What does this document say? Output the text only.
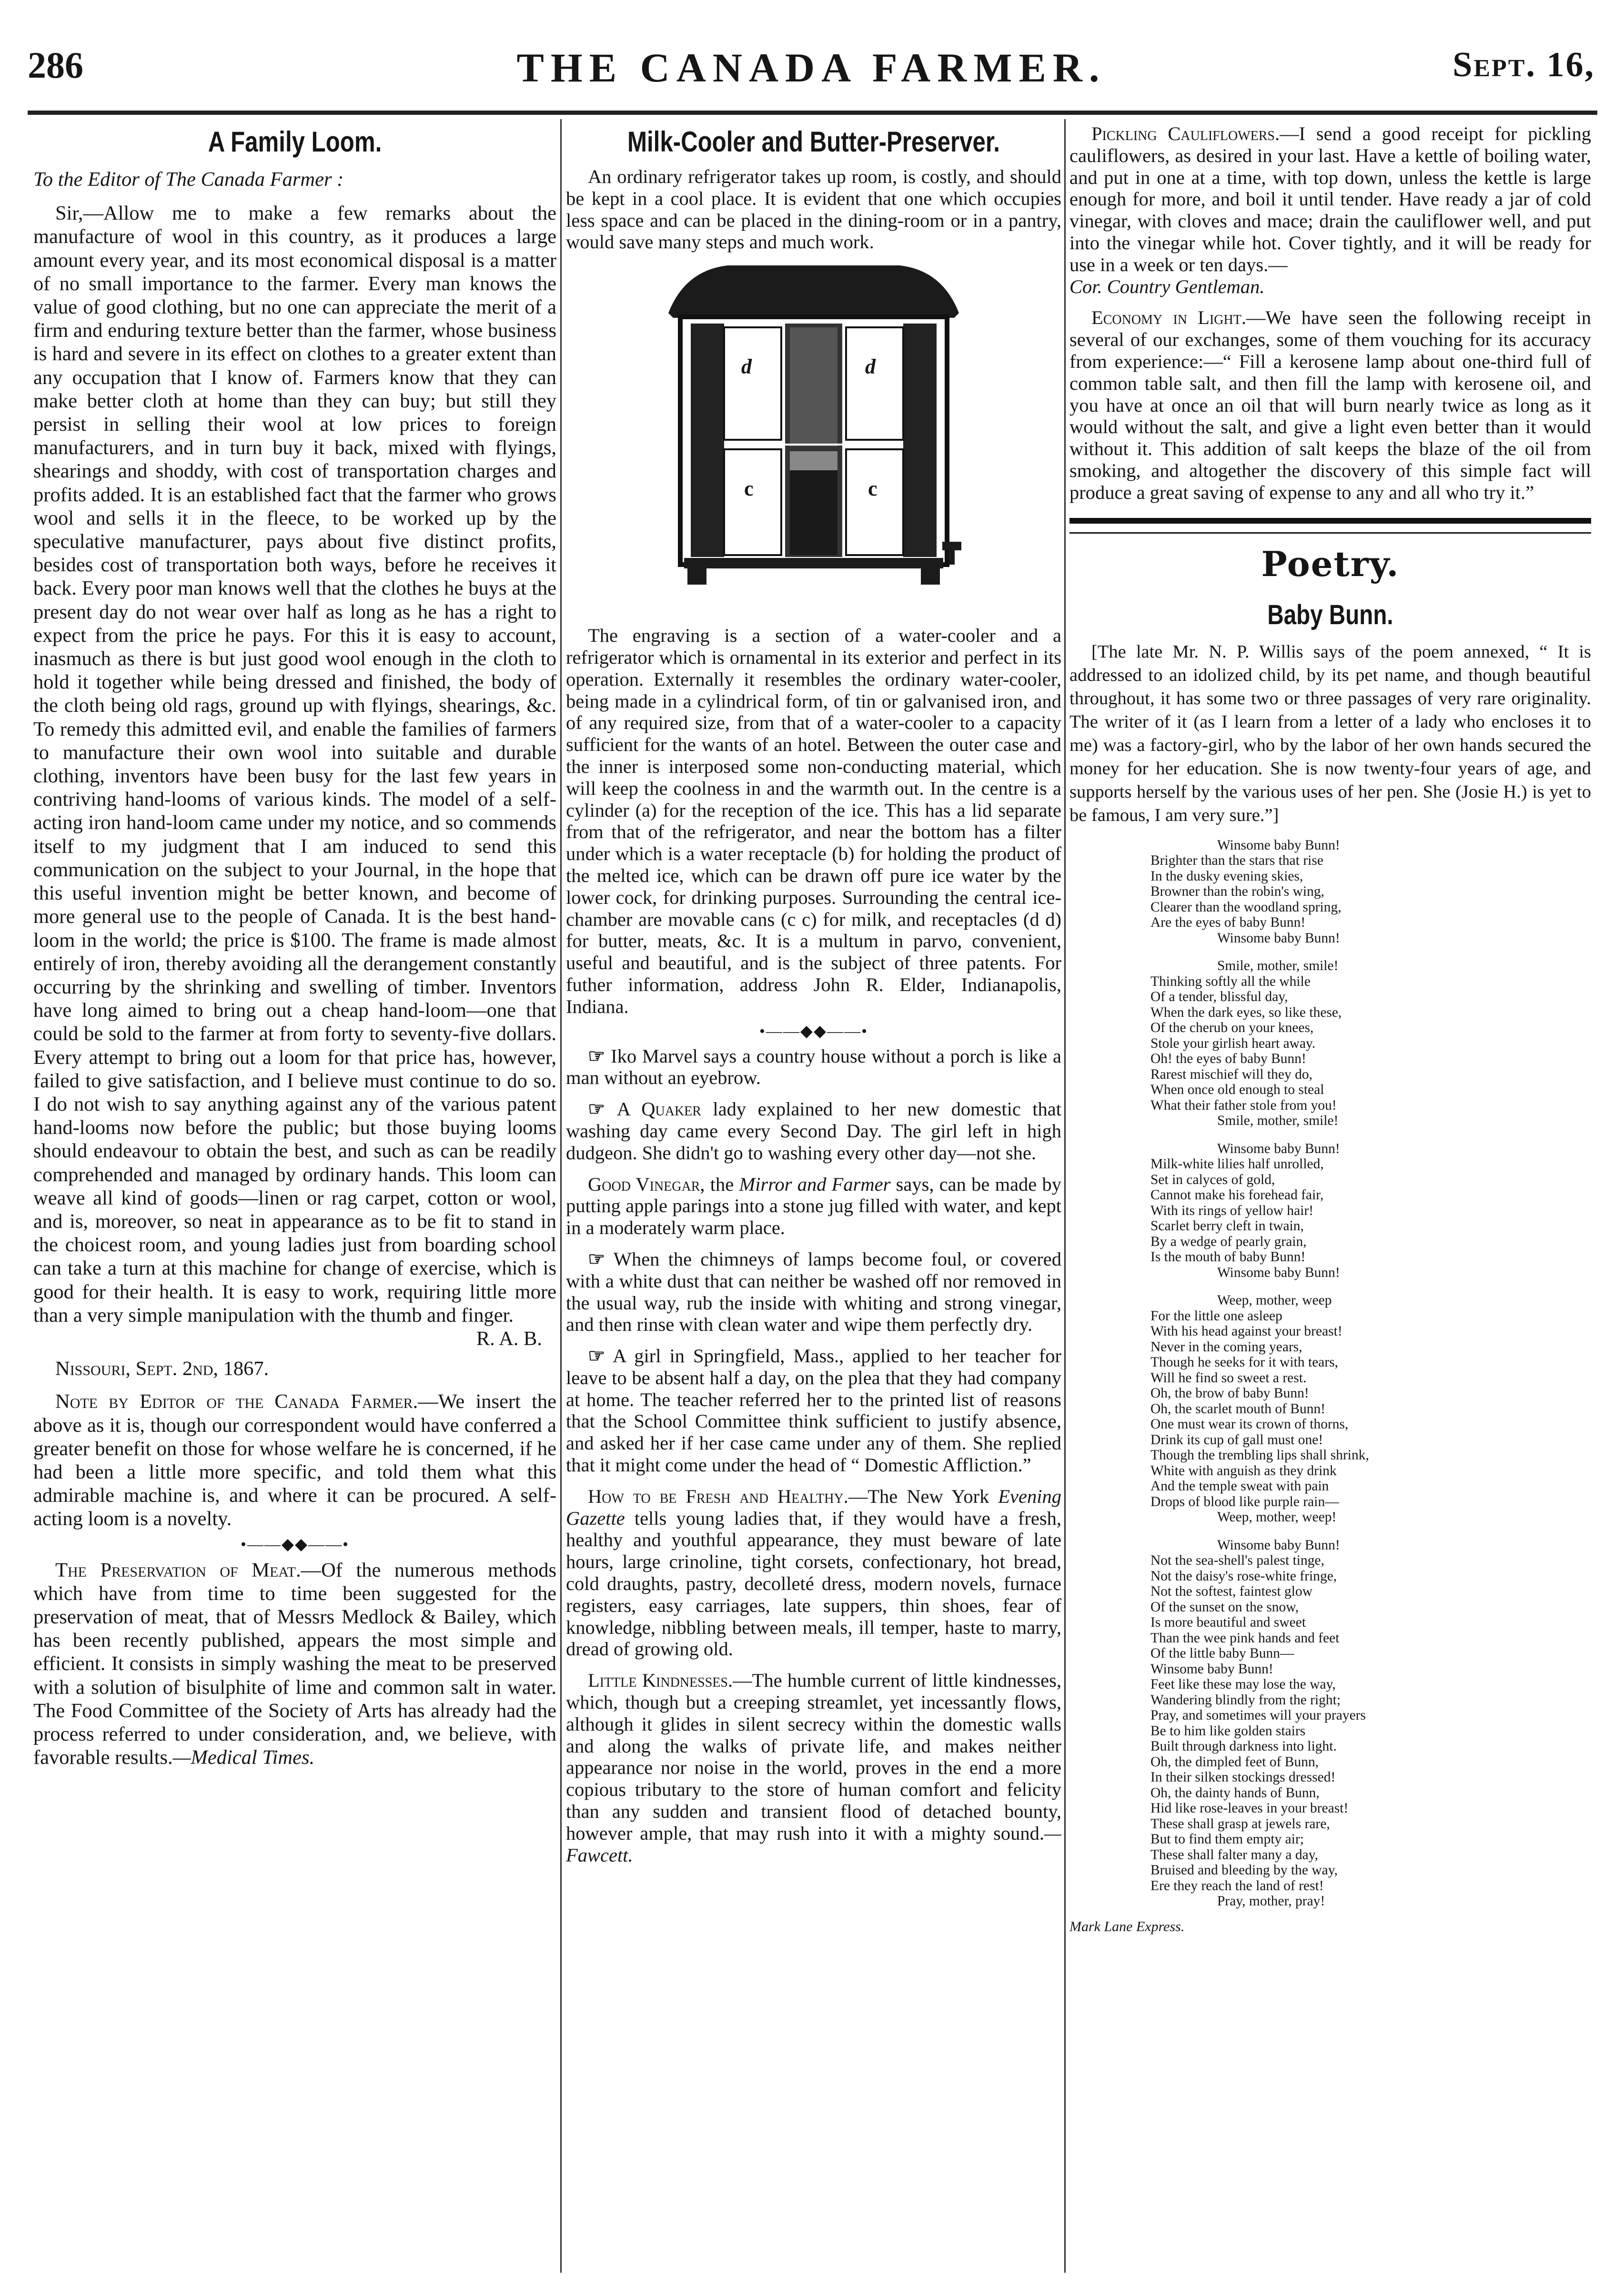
286	THE CANADA FARMER.	Sept. 16,
A Family Loom.

To the Editor of The Canada Farmer :

Sir,—Allow me to make a few remarks about the manufacture of wool in this country, as it produces a large amount every year, and its most economical disposal is a matter of no small importance to the farmer. Every man knows the value of good clothing, but no one can appreciate the merit of a firm and enduring texture better than the farmer, whose business is hard and severe in its effect on clothes to a greater extent than any occupation that I know of. Farmers know that they can make better cloth at home than they can buy; but still they persist in selling their wool at low prices to foreign manufacturers, and in turn buy it back, mixed with flyings, shearings and shoddy, with cost of transportation charges and profits added. It is an established fact that the farmer who grows wool and sells it in the fleece, to be worked up by the speculative manufacturer, pays about five distinct profits, besides cost of transportation both ways, before he receives it back. Every poor man knows well that the clothes he buys at the present day do not wear over half as long as he has a right to expect from the price he pays. For this it is easy to account, inasmuch as there is but just good wool enough in the cloth to hold it together while being dressed and finished, the body of the cloth being old rags, ground up with flyings, shearings, &c. To remedy this admitted evil, and enable the families of farmers to manufacture their own wool into suitable and durable clothing, inventors have been busy for the last few years in contriving hand-looms of various kinds. The model of a self-acting iron hand-loom came under my notice, and so commends itself to my judgment that I am induced to send this communication on the subject to your Journal, in the hope that this useful invention might be better known, and become of more general use to the people of Canada. It is the best hand-loom in the world; the price is $100. The frame is made almost entirely of iron, thereby avoiding all the derangement constantly occurring by the shrinking and swelling of timber. Inventors have long aimed to bring out a cheap hand-loom—one that could be sold to the farmer at from forty to seventy-five dollars. Every attempt to bring out a loom for that price has, however, failed to give satisfaction, and I believe must continue to do so. I do not wish to say anything against any of the various patent hand-looms now before the public; but those buying looms should endeavour to obtain the best, and such as can be readily comprehended and managed by ordinary hands. This loom can weave all kind of goods—linen or rag carpet, cotton or wool, and is, moreover, so neat in appearance as to be fit to stand in the choicest room, and young ladies just from boarding school can take a turn at this machine for change of exercise, which is good for their health. It is easy to work, requiring little more than a very simple manipulation with the thumb and finger.

R. A. B.

Nissouri, Sept. 2nd, 1867.

Note by Editor of the Canada Farmer.—We insert the above as it is, though our correspondent would have conferred a greater benefit on those for whose welfare he is concerned, if he had been a little more specific, and told them what this admirable machine is, and where it can be procured. A self-acting loom is a novelty.

•——◆◆——•

The Preservation of Meat.—Of the numerous methods which have from time to time been suggested for the preservation of meat, that of Messrs Medlock & Bailey, which has been recently published, appears the most simple and efficient. It consists in simply washing the meat to be preserved with a solution of bisulphite of lime and common salt in water. The Food Committee of the Society of Arts has already had the process referred to under consideration, and, we believe, with favorable results.—Medical Times.

Milk-Cooler and Butter-Preserver.

An ordinary refrigerator takes up room, is costly, and should be kept in a cool place. It is evident that one which occupies less space and can be placed in the dining-room or in a pantry, would save many steps and much work.

d	d
c	c

The engraving is a section of a water-cooler and a refrigerator which is ornamental in its exterior and perfect in its operation. Externally it resembles the ordinary water-cooler, being made in a cylindrical form, of tin or galvanised iron, and of any required size, from that of a water-cooler to a capacity sufficient for the wants of an hotel. Between the outer case and the inner is interposed some non-conducting material, which will keep the coolness in and the warmth out. In the centre is a cylinder (a) for the reception of the ice. This has a lid separate from that of the refrigerator, and near the bottom has a filter under which is a water receptacle (b) for holding the product of the melted ice, which can be drawn off pure ice water by the lower cock, for drinking purposes. Surrounding the central ice-chamber are movable cans (c c) for milk, and receptacles (d d) for butter, meats, &c. It is a multum in parvo, convenient, useful and beautiful, and is the subject of three patents. For futher information, address John R. Elder, Indianapolis, Indiana.

•——◆◆——•

☞ Iko Marvel says a country house without a porch is like a man without an eyebrow.

☞ A Quaker lady explained to her new domestic that washing day came every Second Day. The girl left in high dudgeon. She didn't go to washing every other day—not she.

Good Vinegar, the Mirror and Farmer says, can be made by putting apple parings into a stone jug filled with water, and kept in a moderately warm place.

☞ When the chimneys of lamps become foul, or covered with a white dust that can neither be washed off nor removed in the usual way, rub the inside with whiting and strong vinegar, and then rinse with clean water and wipe them perfectly dry.

☞ A girl in Springfield, Mass., applied to her teacher for leave to be absent half a day, on the plea that they had company at home. The teacher referred her to the printed list of reasons that the School Committee think sufficient to justify absence, and asked her if her case came under any of them. She replied that it might come under the head of “ Domestic Affliction.”

How to be Fresh and Healthy.—The New York Evening Gazette tells young ladies that, if they would have a fresh, healthy and youthful appearance, they must beware of late hours, large crinoline, tight corsets, confectionary, hot bread, cold draughts, pastry, decolleté dress, modern novels, furnace registers, easy carriages, late suppers, thin shoes, fear of knowledge, nibbling between meals, ill temper, haste to marry, dread of growing old.

Little Kindnesses.—The humble current of little kindnesses, which, though but a creeping streamlet, yet incessantly flows, although it glides in silent secrecy within the domestic walls and along the walks of private life, and makes neither appearance nor noise in the world, proves in the end a more copious tributary to the store of human comfort and felicity than any sudden and transient flood of detached bounty, however ample, that may rush into it with a mighty sound.—Fawcett.

Pickling Cauliflowers.—I send a good receipt for pickling cauliflowers, as desired in your last. Have a kettle of boiling water, and put in one at a time, with top down, unless the kettle is large enough for more, and boil it until tender. Have ready a jar of cold vinegar, with cloves and mace; drain the cauliflower well, and put into the vinegar while hot. Cover tightly, and it will be ready for use in a week or ten days.—
Cor. Country Gentleman.

Economy in Light.—We have seen the following receipt in several of our exchanges, some of them vouching for its accuracy from experience:—“ Fill a kerosene lamp about one-third full of common table salt, and then fill the lamp with kerosene oil, and you have at once an oil that will burn nearly twice as long as it would without the salt, and give a light even better than it would without it. This addition of salt keeps the blaze of the oil from smoking, and altogether the discovery of this simple fact will produce a great saving of expense to any and all who try it.”

Poetry.
Baby Bunn.

[The late Mr. N. P. Willis says of the poem annexed, “ It is addressed to an idolized child, by its pet name, and though beautiful throughout, it has some two or three passages of very rare originality. The writer of it (as I learn from a letter of a lady who encloses it to me) was a factory-girl, who by the labor of her own hands secured the money for her education. She is now twenty-four years of age, and supports herself by the various uses of her pen. She (Josie H.) is yet to be famous, I am very sure.”]

Winsome baby Bunn!
Brighter than the stars that rise
In the dusky evening skies,
Browner than the robin's wing,
Clearer than the woodland spring,
Are the eyes of baby Bunn!
Winsome baby Bunn!
Smile, mother, smile!
Thinking softly all the while
Of a tender, blissful day,
When the dark eyes, so like these,
Of the cherub on your knees,
Stole your girlish heart away.
Oh! the eyes of baby Bunn!
Rarest mischief will they do,
When once old enough to steal
What their father stole from you!
Smile, mother, smile!
Winsome baby Bunn!
Milk-white lilies half unrolled,
Set in calyces of gold,
Cannot make his forehead fair,
With its rings of yellow hair!
Scarlet berry cleft in twain,
By a wedge of pearly grain,
Is the mouth of baby Bunn!
Winsome baby Bunn!
Weep, mother, weep
For the little one asleep
With his head against your breast!
Never in the coming years,
Though he seeks for it with tears,
Will he find so sweet a rest.
Oh, the brow of baby Bunn!
Oh, the scarlet mouth of Bunn!
One must wear its crown of thorns,
Drink its cup of gall must one!
Though the trembling lips shall shrink,
White with anguish as they drink
And the temple sweat with pain
Drops of blood like purple rain—
Weep, mother, weep!
Winsome baby Bunn!
Not the sea-shell's palest tinge,
Not the daisy's rose-white fringe,
Not the softest, faintest glow
Of the sunset on the snow,
Is more beautiful and sweet
Than the wee pink hands and feet
Of the little baby Bunn—
Winsome baby Bunn!
Feet like these may lose the way,
Wandering blindly from the right;
Pray, and sometimes will your prayers
Be to him like golden stairs
Built through darkness into light.
Oh, the dimpled feet of Bunn,
In their silken stockings dressed!
Oh, the dainty hands of Bunn,
Hid like rose-leaves in your breast!
These shall grasp at jewels rare,
But to find them empty air;
These shall falter many a day,
Bruised and bleeding by the way,
Ere they reach the land of rest!
Pray, mother, pray!
Mark Lane Express.
